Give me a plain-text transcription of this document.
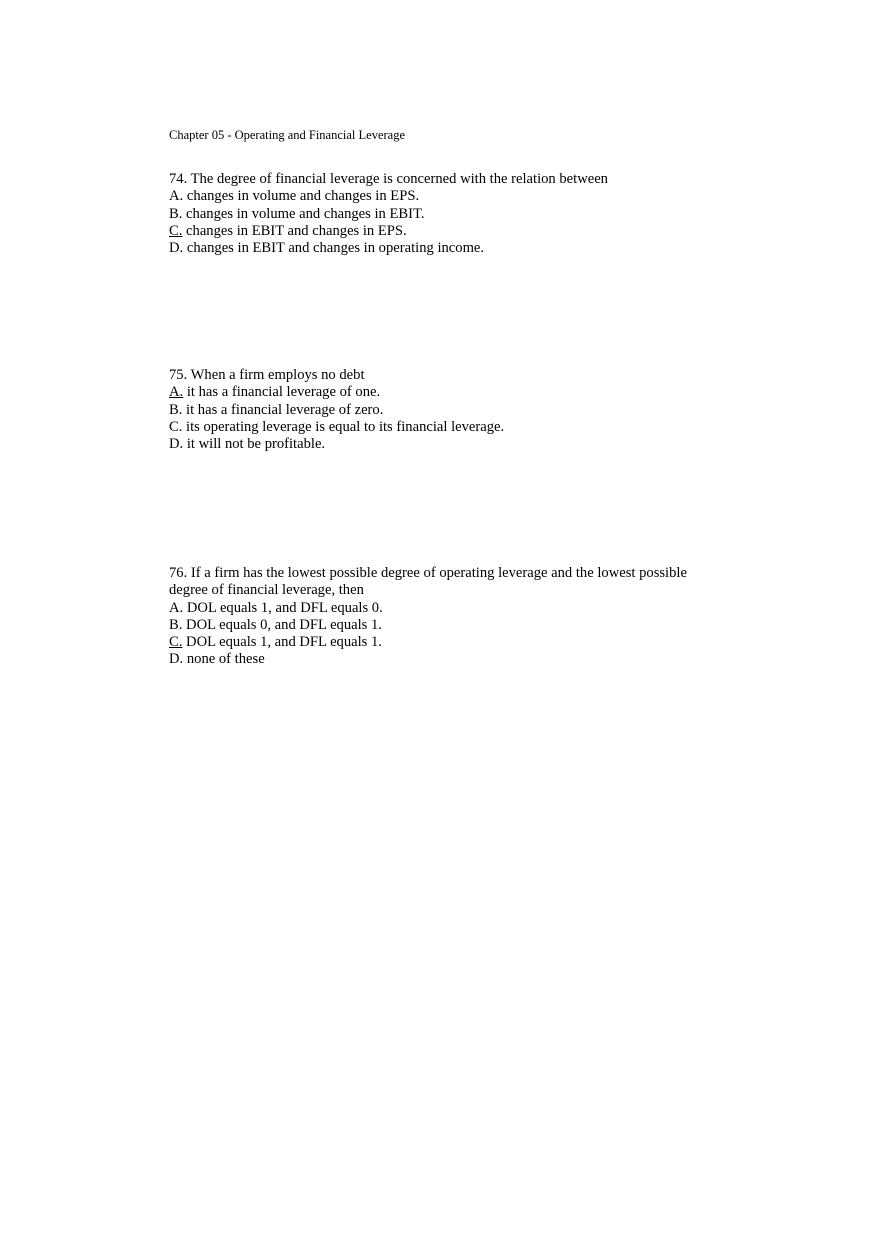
Chapter 05 - Operating and Financial Leverage
74. The degree of financial leverage is concerned with the relation between
A. changes in volume and changes in EPS.
B. changes in volume and changes in EBIT.
C. changes in EBIT and changes in EPS.
D. changes in EBIT and changes in operating income.
75. When a firm employs no debt
A. it has a financial leverage of one.
B. it has a financial leverage of zero.
C. its operating leverage is equal to its financial leverage.
D. it will not be profitable.
76. If a firm has the lowest possible degree of operating leverage and the lowest possible
degree of financial leverage, then
A. DOL equals 1, and DFL equals 0.
B. DOL equals 0, and DFL equals 1.
C. DOL equals 1, and DFL equals 1.
D. none of these
